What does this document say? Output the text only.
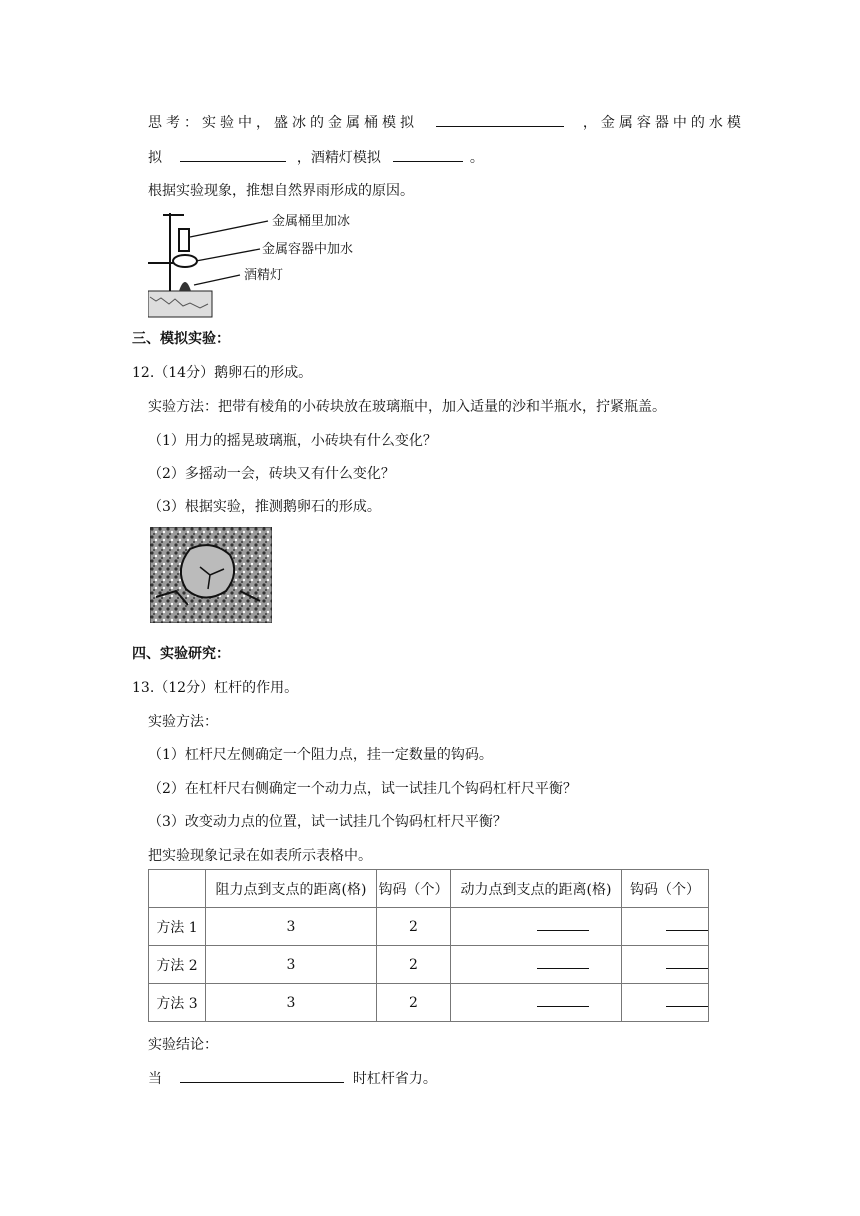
思考：实验中，盛冰的金属桶模拟	，金属容器中的水模
拟	，酒精灯模拟	。
根据实验现象，推想自然界雨形成的原因。
金属桶里加冰
金属容器中加水
酒精灯
三、模拟实验：
12.（14分）鹅卵石的形成。
实验方法：把带有棱角的小砖块放在玻璃瓶中，加入适量的沙和半瓶水，拧紧瓶盖。
（1）用力的摇晃玻璃瓶，小砖块有什么变化？
（2）多摇动一会，砖块又有什么变化？
（3）根据实验，推测鹅卵石的形成。
四、实验研究：
13.（12分）杠杆的作用。
实验方法：
（1）杠杆尺左侧确定一个阻力点，挂一定数量的钩码。
（2）在杠杆尺右侧确定一个动力点，试一试挂几个钩码杠杆尺平衡？
（3）改变动力点的位置，试一试挂几个钩码杠杆尺平衡？
把实验现象记录在如表所示表格中。
	阻力点到支点的距离(格)	钩码（个）	动力点到支点的距离(格)	钩码（个）
方法 1	3	2		
方法 2	3	2		
方法 3	3	2		
实验结论：
当	时杠杆省力。
